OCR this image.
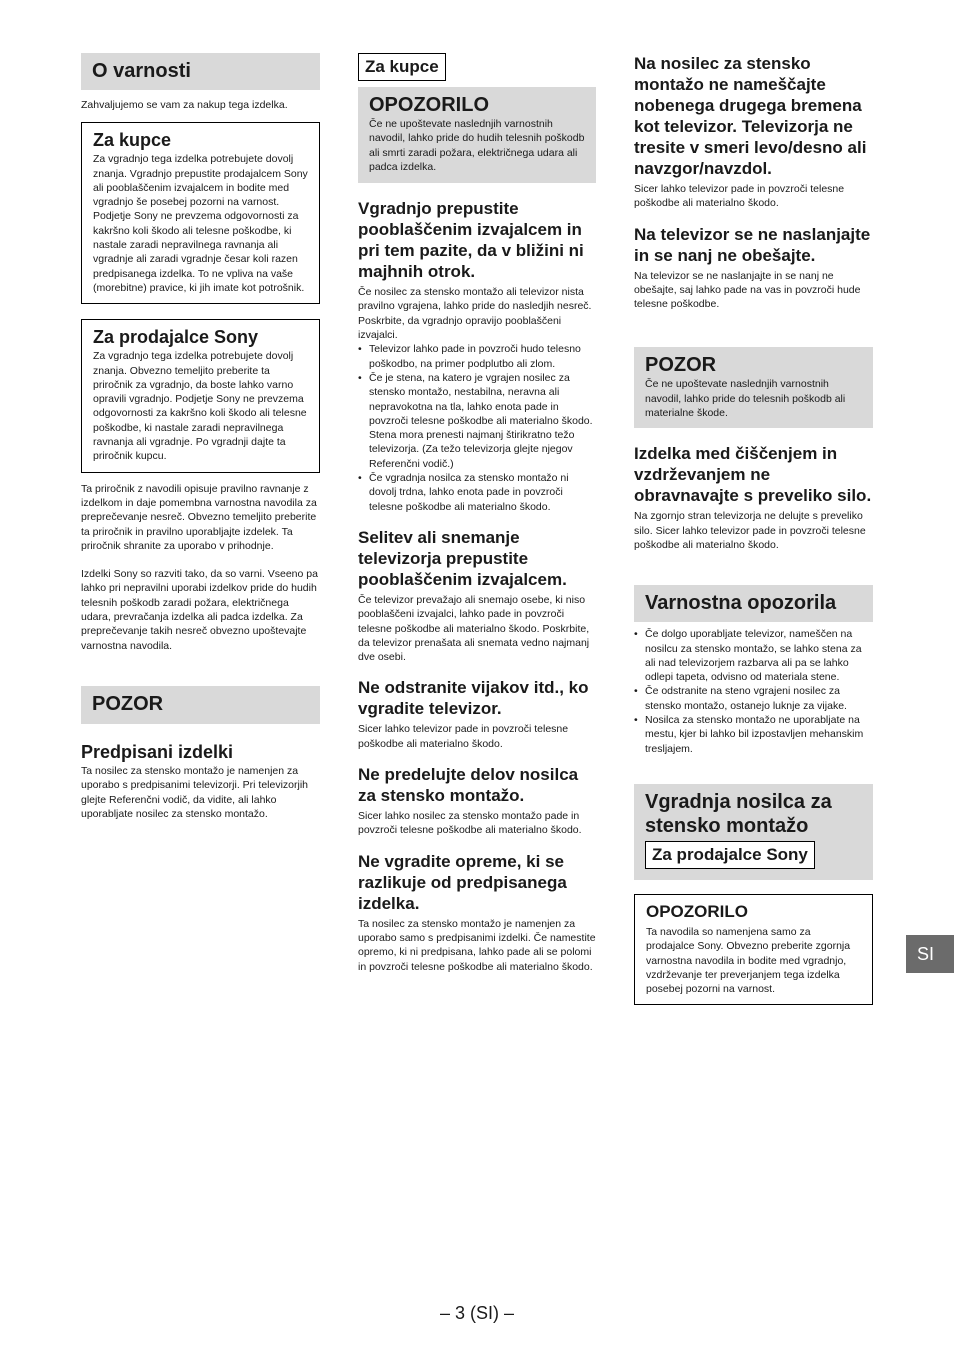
O varnosti

Zahvaljujemo se vam za nakup tega izdelka.

Za kupce

Za vgradnjo tega izdelka potrebujete dovolj znanja. Vgradnjo prepustite prodajalcem Sony ali pooblaščenim izvajalcem in bodite med vgradnjo še posebej pozorni na varnost. Podjetje Sony ne prevzema odgovornosti za kakršno koli škodo ali telesne poškodbe, ki nastale zaradi nepravilnega ravnanja ali vgradnje ali zaradi vgradnje česar koli razen predpisanega izdelka. To ne vpliva na vaše (morebitne) pravice, ki jih imate kot potrošnik.

Za prodajalce Sony

Za vgradnjo tega izdelka potrebujete dovolj znanja. Obvezno temeljito preberite ta priročnik za vgradnjo, da boste lahko varno opravili vgradnjo. Podjetje Sony ne prevzema odgovornosti za kakršno koli škodo ali telesne poškodbe, ki nastale zaradi nepravilnega ravnanja ali vgradnje. Po vgradnji dajte ta priročnik kupcu.

Ta priročnik z navodili opisuje pravilno ravnanje z izdelkom in daje pomembna varnostna navodila za preprečevanje nesreč. Obvezno temeljito preberite ta priročnik in pravilno uporabljajte izdelek. Ta priročnik shranite za uporabo v prihodnje.

Izdelki Sony so razviti tako, da so varni. Vseeno pa lahko pri nepravilni uporabi izdelkov pride do hudih telesnih poškodb zaradi požara, električnega udara, prevračanja izdelka ali padca izdelka. Za preprečevanje takih nesreč obvezno upoštevajte varnostna navodila.

POZOR
Predpisani izdelki

Ta nosilec za stensko montažo je namenjen za uporabo s predpisanimi televizorji. Pri televizorjih glejte Referenčni vodič, da vidite, ali lahko uporabljate nosilec za stensko montažo.

Za kupce
OPOZORILO

Če ne upoštevate naslednjih varnostnih navodil, lahko pride do hudih telesnih poškodb ali smrti zaradi požara, električnega udara ali padca izdelka.

Vgradnjo prepustite pooblaščenim izvajalcem in pri tem pazite, da v bližini ni majhnih otrok.

Če nosilec za stensko montažo ali televizor nista pravilno vgrajena, lahko pride do nasledjih nesreč. Poskrbite, da vgradnjo opravijo pooblaščeni izvajalci.

• Televizor lahko pade in povzroči hudo telesno poškodbo, na primer podplutbo ali zlom.
• Če je stena, na katero je vgrajen nosilec za stensko montažo, nestabilna, neravna ali nepravokotna na tla, lahko enota pade in povzroči telesne poškodbe ali materialno škodo. Stena mora prenesti najmanj štirikratno težo televizorja. (Za težo televizorja glejte njegov Referenčni vodič.)
• Če vgradnja nosilca za stensko montažo ni dovolj trdna, lahko enota pade in povzroči telesne poškodbe ali materialno škodo.
Selitev ali snemanje televizorja prepustite pooblaščenim izvajalcem.

Če televizor prevažajo ali snemajo osebe, ki niso pooblaščeni izvajalci, lahko pade in povzroči telesne poškodbe ali materialno škodo. Poskrbite, da televizor prenašata ali snemata vedno najmanj dve osebi.

Ne odstranite vijakov itd., ko vgradite televizor.

Sicer lahko televizor pade in povzroči telesne poškodbe ali materialno škodo.

Ne predelujte delov nosilca za stensko montažo.

Sicer lahko nosilec za stensko montažo pade in povzroči telesne poškodbe ali materialno škodo.

Ne vgradite opreme, ki se razlikuje od predpisanega izdelka.

Ta nosilec za stensko montažo je namenjen za uporabo samo s predpisanimi izdelki. Če namestite opremo, ki ni predpisana, lahko pade ali se polomi in povzroči telesne poškodbe ali materialno škodo.

Na nosilec za stensko montažo ne nameščajte nobenega drugega bremena kot televizor. Televizorja ne tresite v smeri levo/desno ali navzgor/navzdol.

Sicer lahko televizor pade in povzroči telesne poškodbe ali materialno škodo.

Na televizor se ne naslanjajte in se nanj ne obešajte.

Na televizor se ne naslanjajte in se nanj ne obešajte, saj lahko pade na vas in povzroči hude telesne poškodbe.

POZOR

Če ne upoštevate naslednjih varnostnih navodil, lahko pride do telesnih poškodb ali materialne škode.

Izdelka med čiščenjem in vzdrževanjem ne obravnavajte s preveliko silo.

Na zgornjo stran televizorja ne delujte s preveliko silo. Sicer lahko televizor pade in povzroči telesne poškodbe ali materialno škodo.

Varnostna opozorila
• Če dolgo uporabljate televizor, nameščen na nosilcu za stensko montažo, se lahko stena za ali nad televizorjem razbarva ali pa se lahko odlepi tapeta, odvisno od materiala stene.
• Če odstranite na steno vgrajeni nosilec za stensko montažo, ostanejo luknje za vijake.
• Nosilca za stensko montažo ne uporabljate na mestu, kjer bi lahko bil izpostavljen mehanskim tresljajem.
Vgradnja nosilca za stensko montažo
Za prodajalce Sony
OPOZORILO

Ta navodila so namenjena samo za prodajalce Sony. Obvezno preberite zgornja varnostna navodila in bodite med vgradnjo, vzdrževanje ter preverjanjem tega izdelka posebej pozorni na varnost.

SI
– 3 (SI) –
